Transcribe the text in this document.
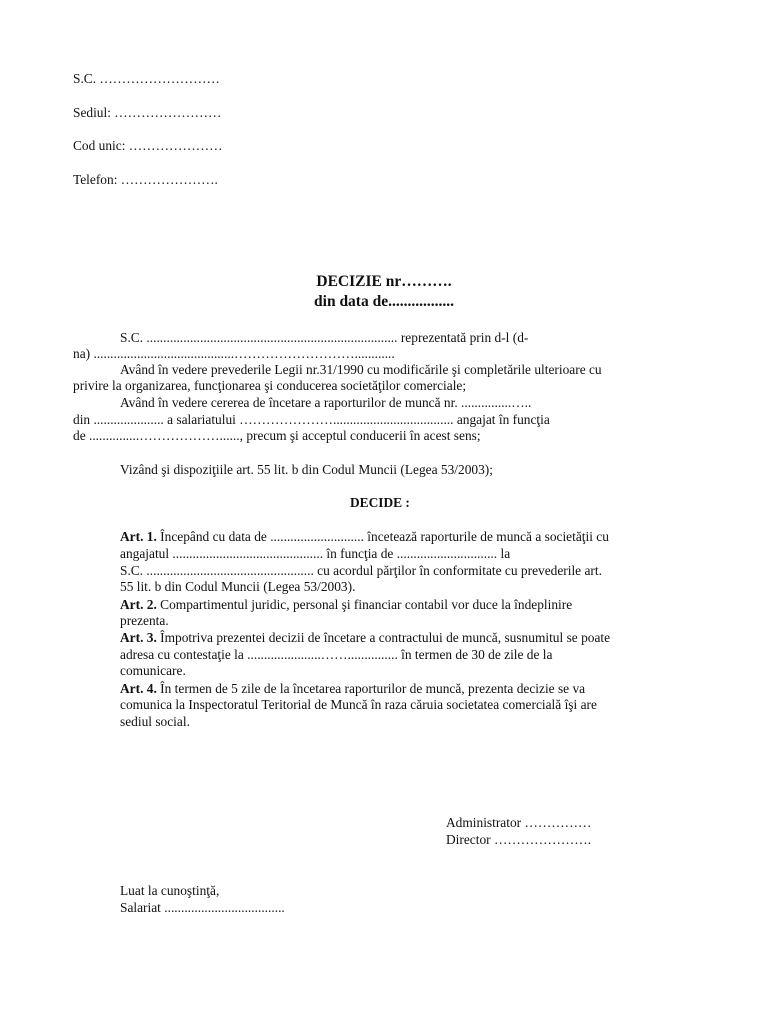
S.C. ………………………
Sediul: ……………………
Cod unic: …………………
Telefon: ………………….
DECIZIE nr……….
din data de.................
S.C. ........................................................................... reprezentată prin d-l (d-
na) ..........................................………………………............
Având în vedere prevederile Legii nr.31/1990 cu modificările şi completările ulterioare cu
privire la organizarea, funcţionarea şi conducerea societăţilor comerciale;
Având în vedere cererea de încetare a raporturilor de muncă nr. ...............…..
din ..................... a salariatului ………………….................................... angajat în funcţia
de ...............………………......, precum şi acceptul conducerii în acest sens;
Vizând şi dispoziţiile art. 55 lit. b din Codul Muncii (Legea 53/2003);
DECIDE :
Art. 1. Începând cu data de ............................ încetează raporturile de muncă a societăţii cu
angajatul ............................................. în funcţia de .............................. la
S.C. .................................................. cu acordul părţilor în conformitate cu prevederile art.
55 lit. b din Codul Muncii (Legea 53/2003).
Art. 2. Compartimentul juridic, personal şi financiar contabil vor duce la îndeplinire
prezenta.
Art. 3. Împotriva prezentei decizii de încetare a contractului de muncă, susnumitul se poate
adresa cu contestaţie la ......................……............... în termen de 30 de zile de la
comunicare.
Art. 4. În termen de 5 zile de la încetarea raporturilor de muncă, prezenta decizie se va
comunica la Inspectoratul Teritorial de Muncă în raza căruia societatea comercială îşi are
sediul social.
Administrator ……………
Director ………………….
Luat la cunoştinţă,
Salariat ....................................
